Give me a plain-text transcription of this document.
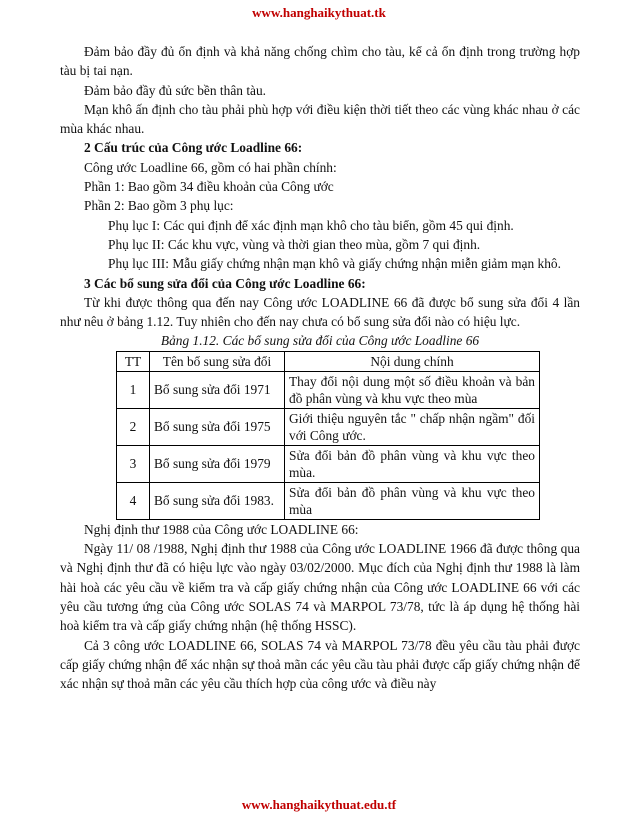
www.hanghaikythuat.tk

Đảm bảo đầy đủ ổn định và khả năng chống chìm cho tàu, kể cả ổn định trong trường hợp tàu bị tai nạn.

Đảm bảo đầy đủ sức bền thân tàu.

Mạn khô ấn định cho tàu phải phù hợp với điều kiện thời tiết theo các vùng khác nhau ở các mùa khác nhau.

2 Cấu trúc của Công ước Loadline 66:

Công ước Loadline 66, gồm có hai phần chính:

Phần 1: Bao gồm 34 điều khoản của Công ước

Phần 2: Bao gồm 3 phụ lục:

Phụ lục I: Các qui định để xác định mạn khô cho tàu biển, gồm 45 qui định.

Phụ lục II: Các khu vực, vùng và thời gian theo mùa, gồm 7 qui định.

Phụ lục III: Mẫu giấy chứng nhận mạn khô và giấy chứng nhận miễn giảm mạn khô.

3 Các bổ sung sửa đổi của Công ước Loadline 66:

Từ khi được thông qua đến nay Công ước LOADLINE 66 đã được bổ sung sửa đổi 4 lần như nêu ở bảng 1.12. Tuy nhiên cho đến nay chưa có bổ sung sửa đổi nào có hiệu lực.

Bảng 1.12. Các bổ sung sửa đổi của Công ước Loadline 66

TT	Tên bổ sung sửa đổi	Nội dung chính
1	Bổ sung sửa đổi 1971	Thay đổi nội dung một số điều khoản và bản đồ phân vùng và khu vực theo mùa
2	Bổ sung sửa đổi 1975	Giới thiệu nguyên tắc " chấp nhận ngầm" đối với Công ước.
3	Bổ sung sửa đổi 1979	Sửa đổi bản đồ phân vùng và khu vực theo mùa.
4	Bổ sung sửa đổi 1983.	Sửa đổi bản đồ phân vùng và khu vực theo mùa

Nghị định thư 1988 của Công ước LOADLINE 66:

Ngày 11/ 08 /1988, Nghị định thư 1988 của Công ước LOADLINE 1966 đã được thông qua và Nghị định thư đã có hiệu lực vào ngày 03/02/2000. Mục đích của Nghị định thư 1988 là làm hài hoà các yêu cầu về kiểm tra và cấp giấy chứng nhận của Công ước LOADLINE 66 với các yêu cầu tương ứng của Công ước SOLAS 74 và MARPOL 73/78, tức là áp dụng hệ thống hài hoà kiểm tra và cấp giấy chứng nhận (hệ thống HSSC).

Cả 3 công ước LOADLINE 66, SOLAS 74 và MARPOL 73/78 đều yêu cầu tàu phải được cấp giấy chứng nhận để xác nhận sự thoả mãn các yêu cầu tàu phải được cấp giấy chứng nhận để xác nhận sự thoả mãn các yêu cầu thích hợp của công ước và điều này

www.hanghaikythuat.edu.tf
